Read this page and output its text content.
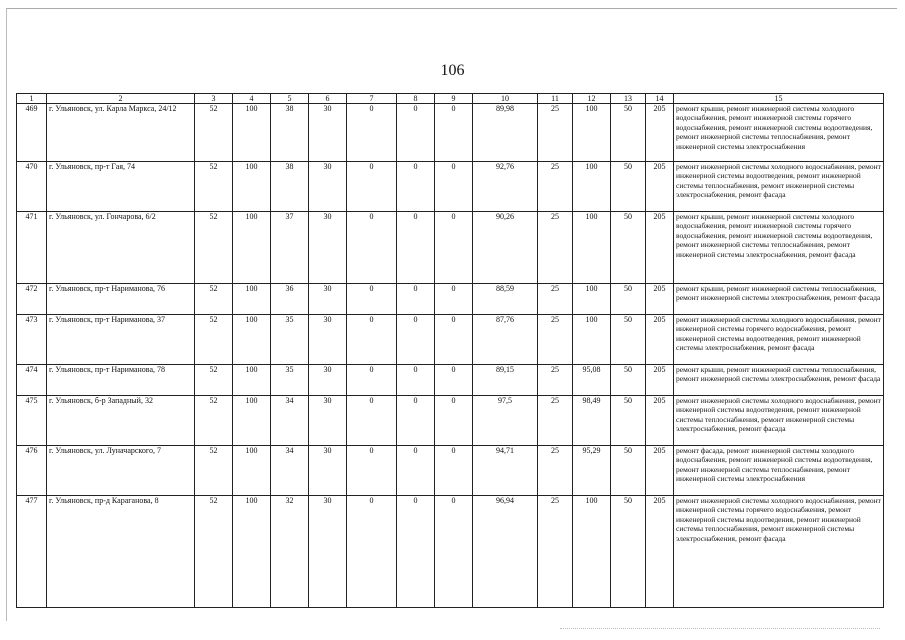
106
1	2	3	4	5	6	7	8	9	10	11	12	13	14	15
469	г. Ульяновск, ул. Карла Маркса, 24/12	52	100	38	30	0	0	0	89,98	25	100	50	205	ремонт крыши, ремонт инженерной системы холодного водоснабжения, ремонт инженерной системы горячего водоснабжения, ремонт инженерной системы водоотведения, ремонт инженерной системы теплоснабжения, ремонт инженерной системы электроснабжения
470	г. Ульяновск, пр-т Гая, 74	52	100	38	30	0	0	0	92,76	25	100	50	205	ремонт инженерной системы холодного водоснабжения, ремонт инженерной системы водоотведения, ремонт инженерной системы теплоснабжения, ремонт инженерной системы электроснабжения, ремонт фасада
471	г. Ульяновск, ул. Гончарова, 6/2	52	100	37	30	0	0	0	90,26	25	100	50	205	ремонт крыши, ремонт инженерной системы холодного водоснабжения, ремонт инженерной системы горячего водоснабжения, ремонт инженерной системы водоотведения, ремонт инженерной системы теплоснабжения, ремонт инженерной системы электроснабжения, ремонт фасада
472	г. Ульяновск, пр-т Нариманова, 76	52	100	36	30	0	0	0	88,59	25	100	50	205	ремонт крыши, ремонт инженерной системы теплоснабжения, ремонт инженерной системы электроснабжения, ремонт фасада
473	г. Ульяновск, пр-т Нариманова, 37	52	100	35	30	0	0	0	87,76	25	100	50	205	ремонт инженерной системы холодного водоснабжения, ремонт инженерной системы горячего водоснабжения, ремонт инженерной системы водоотведения, ремонт инженерной системы электроснабжения, ремонт фасада
474	г. Ульяновск, пр-т Нариманова, 78	52	100	35	30	0	0	0	89,15	25	95,08	50	205	ремонт крыши, ремонт инженерной системы теплоснабжения, ремонт инженерной системы электроснабжения, ремонт фасада
475	г. Ульяновск, б-р Западный, 32	52	100	34	30	0	0	0	97,5	25	98,49	50	205	ремонт инженерной системы холодного водоснабжения, ремонт инженерной системы водоотведения, ремонт инженерной системы теплоснабжения, ремонт инженерной системы электроснабжения, ремонт фасада
476	г. Ульяновск, ул. Луначарского, 7	52	100	34	30	0	0	0	94,71	25	95,29	50	205	ремонт фасада, ремонт инженерной системы холодного водоснабжения, ремонт инженерной системы водоотведения, ремонт инженерной системы теплоснабжения, ремонт инженерной системы электроснабжения
477	г. Ульяновск, пр-д Караганова, 8	52	100	32	30	0	0	0	96,94	25	100	50	205	ремонт инженерной системы холодного водоснабжения, ремонт инженерной системы горячего водоснабжения, ремонт инженерной системы водоотведения, ремонт инженерной системы теплоснабжения, ремонт инженерной системы электроснабжения, ремонт фасада
